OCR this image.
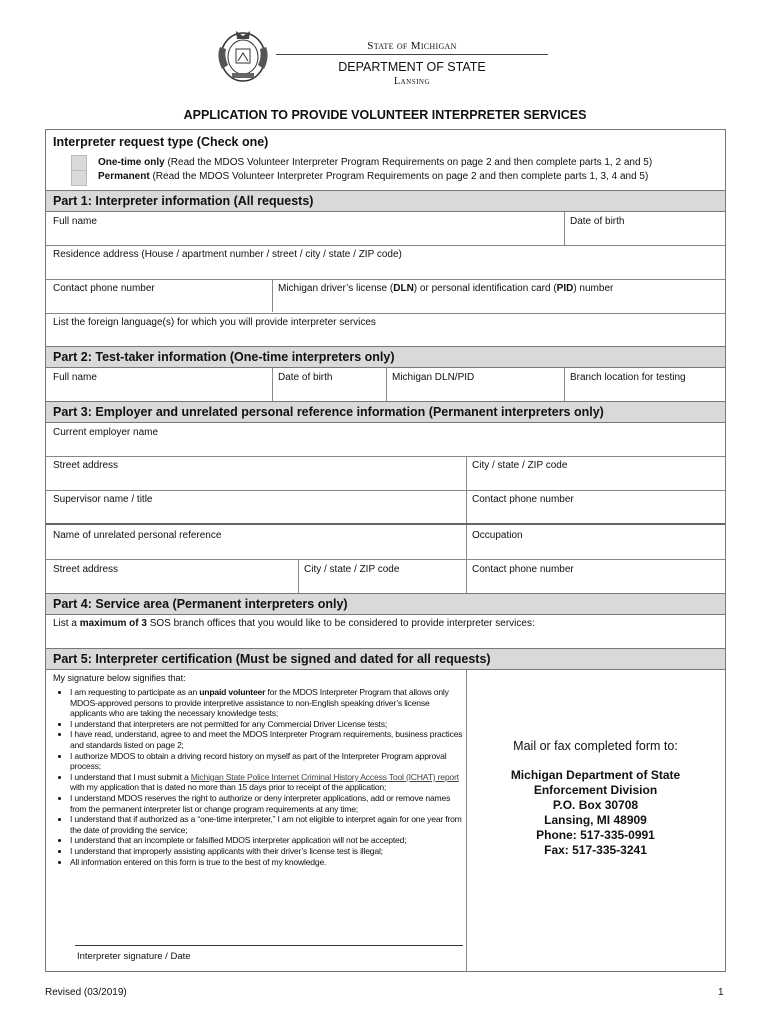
State of Michigan
DEPARTMENT OF STATE
Lansing
APPLICATION TO PROVIDE VOLUNTEER INTERPRETER SERVICES
Interpreter request type (Check one)
One-time only (Read the MDOS Volunteer Interpreter Program Requirements on page 2 and then complete parts 1, 2 and 5)
Permanent (Read the MDOS Volunteer Interpreter Program Requirements on page 2 and then complete parts 1, 3, 4 and 5)
Part 1: Interpreter information (All requests)
Full name	Date of birth
Residence address (House / apartment number / street / city / state / ZIP code)
Contact phone number	Michigan driver’s license (DLN) or personal identification card (PID) number
List the foreign language(s) for which you will provide interpreter services
Part 2: Test-taker information (One-time interpreters only)
Full name	Date of birth	Michigan DLN/PID	Branch location for testing
Part 3: Employer and unrelated personal reference information (Permanent interpreters only)
Current employer name
Street address	City / state / ZIP code
Supervisor name / title	Contact phone number
Name of unrelated personal reference	Occupation
Street address	City / state / ZIP code	Contact phone number
Part 4: Service area (Permanent interpreters only)
List a maximum of 3 SOS branch offices that you would like to be considered to provide interpreter services:
Part 5: Interpreter certification (Must be signed and dated for all requests)
My signature below signifies that:
• I am requesting to participate as an unpaid volunteer for the MDOS Interpreter Program that allows only MDOS-approved persons to provide interpretive assistance to non-English speaking driver’s license applicants who are taking the necessary knowledge tests;
• I understand that interpreters are not permitted for any Commercial Driver License tests;
• I have read, understand, agree to and meet the MDOS Interpreter Program requirements, business practices and standards listed on page 2;
• I authorize MDOS to obtain a driving record history on myself as part of the Interpreter Program approval process;
• I understand that I must submit a Michigan State Police Internet Criminal History Access Tool (ICHAT) report with my application that is dated no more than 15 days prior to receipt of the application;
• I understand MDOS reserves the right to authorize or deny interpreter applications, add or remove names from the permanent interpreter list or change program requirements at any time;
• I understand that if authorized as a “one-time interpreter,” I am not eligible to interpret again for one year from the date of providing the service;
• I understand that an incomplete or falsified MDOS interpreter application will not be accepted;
• I understand that improperly assisting applicants with their driver’s license test is illegal;
• All information entered on this form is true to the best of my knowledge.
Interpreter signature / Date
Mail or fax completed form to:
Michigan Department of State
Enforcement Division
P.O. Box 30708
Lansing, MI 48909
Phone: 517-335-0991
Fax: 517-335-3241
Revised (03/2019)	1
